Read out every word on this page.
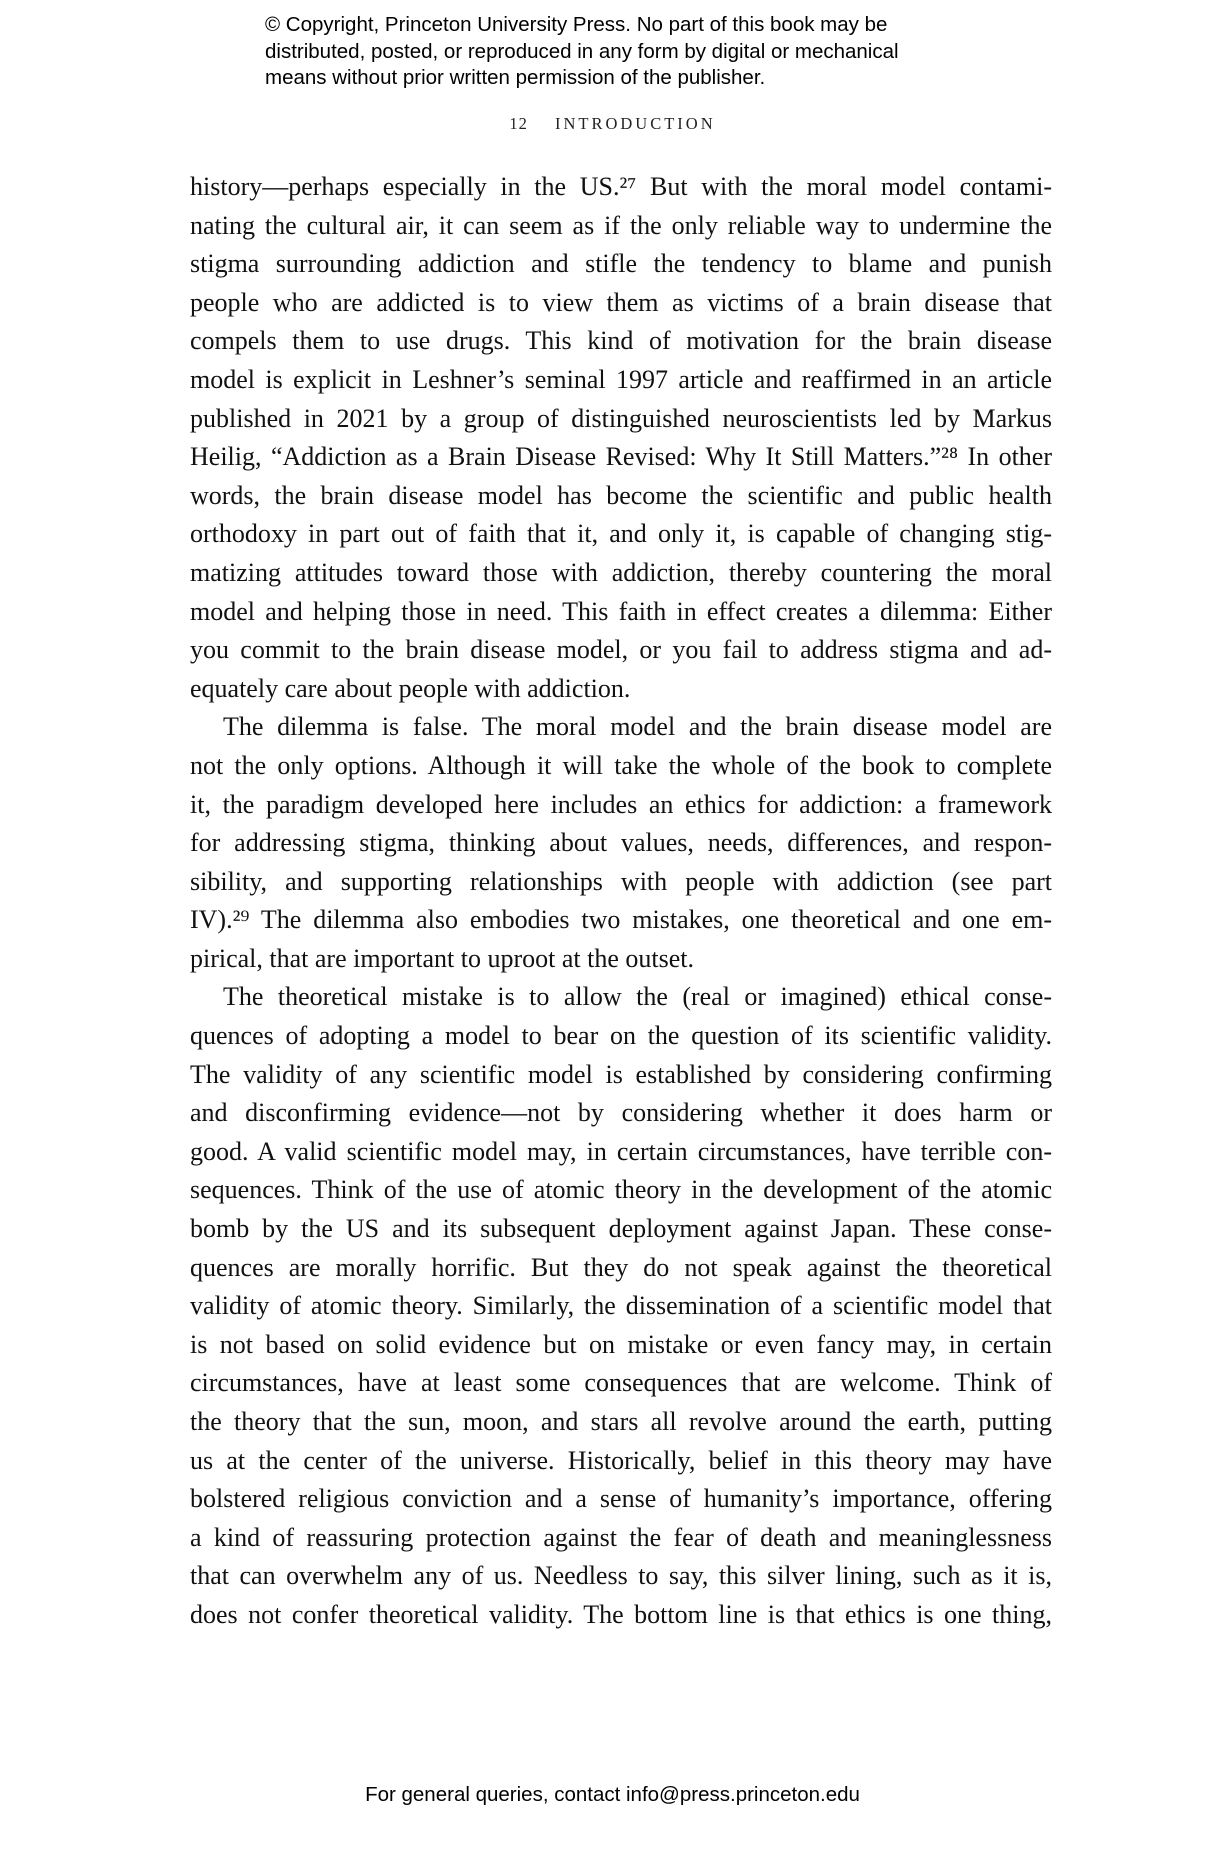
© Copyright, Princeton University Press. No part of this book may be
distributed, posted, or reproduced in any form by digital or mechanical
means without prior written permission of the publisher.
12 INTRODUCTION
history—perhaps especially in the US.²⁷ But with the moral model contami-
nating the cultural air, it can seem as if the only reliable way to undermine the
stigma surrounding addiction and stifle the tendency to blame and punish
people who are addicted is to view them as victims of a brain disease that
compels them to use drugs. This kind of motivation for the brain disease
model is explicit in Leshner’s seminal 1997 article and reaffirmed in an article
published in 2021 by a group of distinguished neuroscientists led by Markus
Heilig, “Addiction as a Brain Disease Revised: Why It Still Matters.”²⁸ In other
words, the brain disease model has become the scientific and public health
orthodoxy in part out of faith that it, and only it, is capable of changing stig-
matizing attitudes toward those with addiction, thereby countering the moral
model and helping those in need. This faith in effect creates a dilemma: Either
you commit to the brain disease model, or you fail to address stigma and ad-
equately care about people with addiction.
The dilemma is false. The moral model and the brain disease model are
not the only options. Although it will take the whole of the book to complete
it, the paradigm developed here includes an ethics for addiction: a framework
for addressing stigma, thinking about values, needs, differences, and respon-
sibility, and supporting relationships with people with addiction (see part
IV).²⁹ The dilemma also embodies two mistakes, one theoretical and one em-
pirical, that are important to uproot at the outset.
The theoretical mistake is to allow the (real or imagined) ethical conse-
quences of adopting a model to bear on the question of its scientific validity.
The validity of any scientific model is established by considering confirming
and disconfirming evidence—not by considering whether it does harm or
good. A valid scientific model may, in certain circumstances, have terrible con-
sequences. Think of the use of atomic theory in the development of the atomic
bomb by the US and its subsequent deployment against Japan. These conse-
quences are morally horrific. But they do not speak against the theoretical
validity of atomic theory. Similarly, the dissemination of a scientific model that
is not based on solid evidence but on mistake or even fancy may, in certain
circumstances, have at least some consequences that are welcome. Think of
the theory that the sun, moon, and stars all revolve around the earth, putting
us at the center of the universe. Historically, belief in this theory may have
bolstered religious conviction and a sense of humanity’s importance, offering
a kind of reassuring protection against the fear of death and meaninglessness
that can overwhelm any of us. Needless to say, this silver lining, such as it is,
does not confer theoretical validity. The bottom line is that ethics is one thing,
For general queries, contact info@press.princeton.edu
